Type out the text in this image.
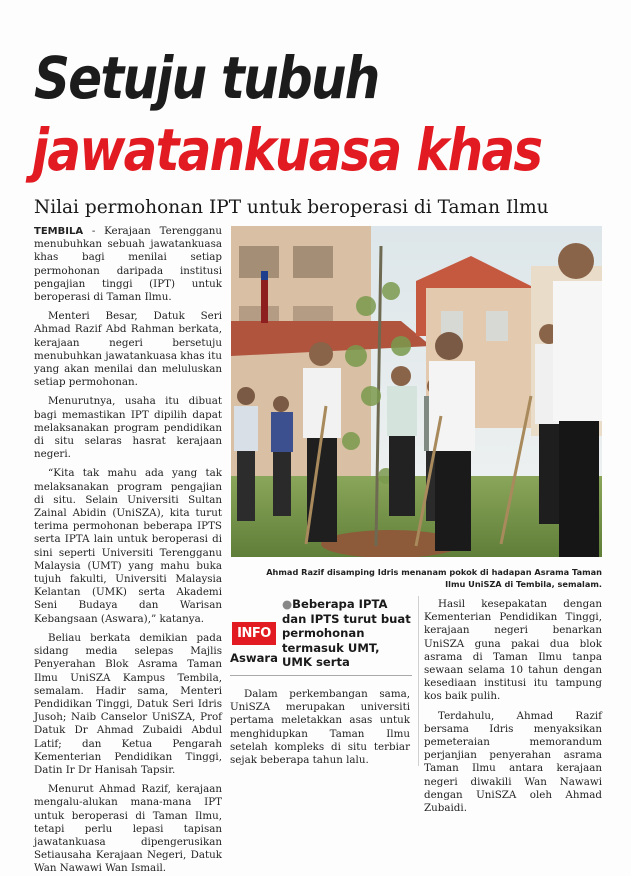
Setuju tubuh
jawatankuasa khas
Nilai permohonan IPT untuk beroperasi di Taman Ilmu

TEMBILA - Kerajaan Terengganu menubuhkan sebuah jawatankuasa khas bagi menilai setiap permohonan daripada institusi pengajian tinggi (IPT) untuk beroperasi di Taman Ilmu.

Menteri Besar, Datuk Seri Ahmad Razif Abd Rahman berkata, kerajaan negeri bersetuju menubuhkan jawatankuasa khas itu yang akan menilai dan meluluskan setiap permohonan.

Menurutnya, usaha itu dibuat bagi memastikan IPT dipilih dapat melaksanakan program pendidikan di situ selaras hasrat kerajaan negeri.

“Kita tak mahu ada yang tak melaksanakan program pengajian di situ. Selain Universiti Sultan Zainal Abidin (UniSZA), kita turut terima permohonan beberapa IPTS serta IPTA lain untuk beroperasi di sini seperti Universiti Terengganu Malaysia (UMT) yang mahu buka tujuh fakulti, Universiti Malaysia Kelantan (UMK) serta Akademi Seni Budaya dan Warisan Kebangsaan (Aswara),” katanya.

Beliau berkata demikian pada sidang media selepas Majlis Penyerahan Blok Asrama Taman Ilmu UniSZA Kampus Tembila, semalam. Hadir sama, Menteri Pendidikan Tinggi, Datuk Seri Idris Jusoh; Naib Canselor UniSZA, Prof Datuk Dr Ahmad Zubaidi Abdul Latif; dan Ketua Pengarah Kementerian Pendidikan Tinggi, Datin Ir Dr Hanisah Tapsir.

Menurut Ahmad Razif, kerajaan mengalu-alukan mana-mana IPT untuk beroperasi di Taman Ilmu, tetapi perlu lepasi tapisan jawatankuasa dipengerusikan Setiausaha Kerajaan Negeri, Datuk Wan Nawawi Wan Ismail.

Ahmad Razif disamping Idris menanam pokok di hadapan Asrama Taman Ilmu UniSZA di Tembila, semalam.
INFO
●Beberapa IPTA dan IPTS turut buat permohonan termasuk UMT, UMK serta
Aswara

Dalam perkembangan sama, UniSZA merupakan universiti pertama meletakkan asas untuk menghidupkan Taman Ilmu setelah kompleks di situ terbiar sejak beberapa tahun lalu.

Hasil kesepakatan dengan Kementerian Pendidikan Tinggi, kerajaan negeri benarkan UniSZA guna pakai dua blok asrama di Taman Ilmu tanpa sewaan selama 10 tahun dengan kesediaan institusi itu tampung kos baik pulih.

Terdahulu, Ahmad Razif bersama Idris menyaksikan pemeteraian memorandum perjanjian penyerahan asrama Taman Ilmu antara kerajaan negeri diwakili Wan Nawawi dengan UniSZA oleh Ahmad Zubaidi.
